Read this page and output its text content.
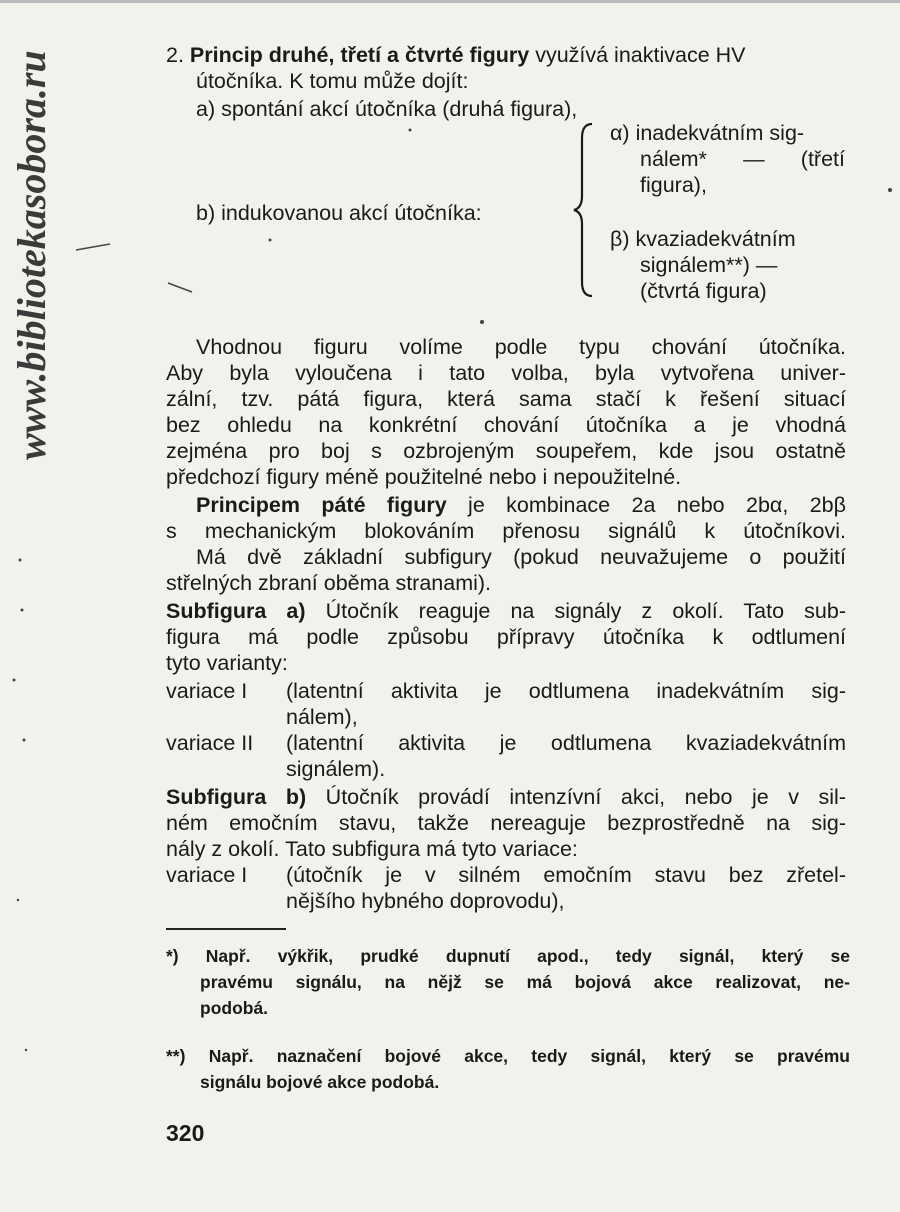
www.bibliotekasobora.ru	2. Princip druhé, třetí a čtvrté figury využívá inaktivace HV
útočníka. K tomu může dojít:
a) spontání akcí útočníka (druhá figura),
b) indukovanou akcí útočníka:
α) inadekvátním sig-
nálem* — (třetí
figura),
β) kvaziadekvátním
signálem**) —
(čtvrtá figura)
Vhodnou figuru volíme podle typu chování útočníka.
Aby byla vyloučena i tato volba, byla vytvořena univer-
zální, tzv. pátá figura, která sama stačí k řešení situací
bez ohledu na konkrétní chování útočníka a je vhodná
zejména pro boj s ozbrojeným soupeřem, kde jsou ostatně
předchozí figury méně použitelné nebo i nepoužitelné.
Principem páté figury je kombinace 2a nebo 2bα, 2bβ
s mechanickým blokováním přenosu signálů k útočníkovi.
Má dvě základní subfigury (pokud neuvažujeme o použití
střelných zbraní oběma stranami).
Subfigura a) Útočník reaguje na signály z okolí. Tato sub-
figura má podle způsobu přípravy útočníka k odtlumení
tyto varianty:
variace I (latentní aktivita je odtlumena inadekvátním sig-
nálem),
variace II (latentní aktivita je odtlumena kvaziadekvátním
signálem).
Subfigura b) Útočník provádí intenzívní akci, nebo je v sil-
ném emočním stavu, takže nereaguje bezprostředně na sig-
nály z okolí. Tato subfigura má tyto variace:
variace I (útočník je v silném emočním stavu bez zřetel-
nějšího hybného doprovodu),
*) Např. výkřik, prudké dupnutí apod., tedy signál, který se
pravému signálu, na nějž se má bojová akce realizovat, ne-
podobá.
**) Např. naznačení bojové akce, tedy signál, který se pravému
signálu bojové akce podobá.
320
